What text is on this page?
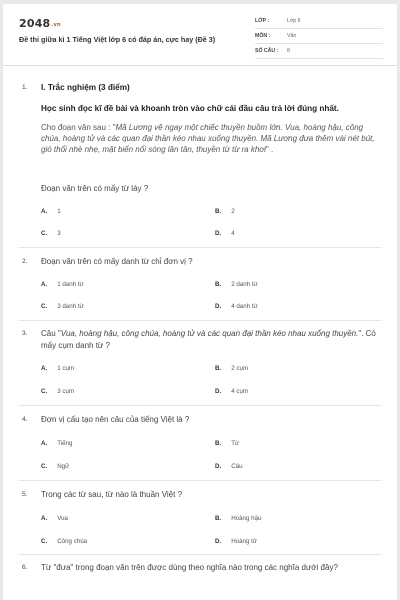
2048.vn
Đề thi giữa kì 1 Tiếng Việt lớp 6 có đáp án, cực hay (Đề 3)
LỚP :	Lớp 6
MÔN :	Văn
SỐ CÂU : 8
1. I. Trắc nghiệm (3 điểm)
Học sinh đọc kĩ đề bài và khoanh tròn vào chữ cái đầu câu trả lời đúng nhất.
Cho đoạn văn sau : "Mã Lương vẽ ngay một chiếc thuyền buồm lớn. Vua, hoàng hậu, công chúa, hoàng tử và các quan đại thần kéo nhau xuống thuyền. Mã Lương đưa thêm vài nét bút, gió thổi nhè nhẹ, mặt biển nổi sóng lăn tăn, thuyền từ từ ra khơi" .
Đoạn văn trên có mấy từ láy ?
A. 1	B. 2
C. 3	D. 4
2. Đoạn văn trên có mấy danh từ chỉ đơn vị ?
A. 1 danh từ	B. 2 danh từ
C. 3 danh từ	D. 4 danh từ
3. Câu "Vua, hoàng hậu, công chúa, hoàng tử và các quan đại thần kéo nhau xuống thuyền.". Có mấy cụm danh từ ?
A. 1 cụm	B. 2 cụm
C. 3 cụm	D. 4 cụm
4. Đơn vị cấu tạo nên câu của tiếng Việt là ?
A. Tiếng	B. Từ
C. Ngữ	D. Câu
5. Trong các từ sau, từ nào là thuần Việt ?
A. Vua	B. Hoàng hậu
C. Công chúa	D. Hoàng tử
6. Từ "đưa" trong đoạn văn trên được dùng theo nghĩa nào trong các nghĩa dưới đây?
